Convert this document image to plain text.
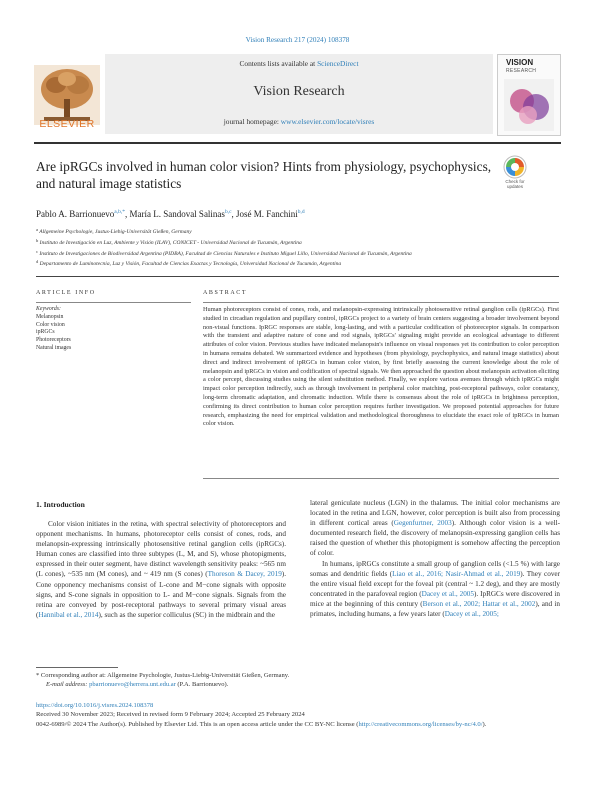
Vision Research 217 (2024) 108378
ELSEVIER
Contents lists available at ScienceDirect
Vision Research
journal homepage: www.elsevier.com/locate/visres
VISION
RESEARCH
Are ipRGCs involved in human color vision? Hints from physiology, psychophysics, and natural image statistics	Check for
updates
Pablo A. Barrionuevo$^{a,b,*}$, María L. Sandoval Salinas$^{b,c}$, José M. Fanchini$^{b,d}$
$^a$ Allgemeine Psychologie, Justus-Liebig-Universität Gießen, Germany
$^b$ Instituto de Investigación en Luz, Ambiente y Visión (ILAV), CONICET - Universidad Nacional de Tucumán, Argentina
$^c$ Instituto de Investigaciones de Biodiversidad Argentina (PIDBA), Facultad de Ciencias Naturales e Instituto Miguel Lillo, Universidad Nacional de Tucumán, Argentina
$^d$ Departamento de Luminotecnia, Luz y Visión, Facultad de Ciencias Exactas y Tecnología, Universidad Nacional de Tucumán, Argentina
ARTICLE INFO	ABSTRACT
Keywords:
Melanopsin
Color vision
ipRGCs
Photoreceptors
Natural images

Human photoreceptors consist of cones, rods, and melanopsin-expressing intrinsically photosensitive retinal ganglion cells (ipRGCs). First studied in circadian regulation and pupillary control, ipRGCs project to a variety of brain centers suggesting a broader involvement beyond non-visual functions. IpRGC responses are stable, long-lasting, and with a particular codification of photoreceptor signals. In comparison with the transient and adaptive nature of cone and rod signals, ipRGCs' signaling might provide an ecological advantage to different attributes of color vision. Previous studies have indicated melanopsin's influence on visual responses yet its contribution to color perception in humans remains debated. We summarized evidence and hypotheses (from physiology, psychophysics, and natural image statistics) about direct and indirect involvement of ipRGCs in human color vision, by first briefly assessing the current knowledge about the role of melanopsin and ipRGCs in vision and codification of spectral signals. We then approached the question about melanopsin activation eliciting a color percept, discussing studies using the silent substitution method. Finally, we explore various avenues through which ipRGCs might impact color perception indirectly, such as through involvement in peripheral color matching, post-receptoral pathways, color constancy, long-term chromatic adaptation, and chromatic induction. While there is consensus about the role of ipRGCs in brightness perception, confirming its direct contribution to human color perception requires further investigation. We proposed potential approaches for future research, emphasizing the need for empirical validation and methodological thoroughness to elucidate the exact role of ipRGCs in human color vision.

1. Introduction

Color vision initiates in the retina, with spectral selectivity of photoreceptors and opponent mechanisms. In humans, photoreceptor cells consist of cones, rods, and melanopsin-expressing intrinsically photosensitive retinal ganglion cells (ipRGCs). Human cones are classified into three subtypes (L, M, and S), whose photopigments, expressed in their outer segment, have distinct wavelength sensitivity peaks: ~565 nm (L cones), ~535 nm (M cones), and ~ 419 nm (S cones) (Thoreson & Dacey, 2019). Cone opponency mechanisms consist of L-cone and M−cone signals with opposite signs, and S-cone signals in opposition to L- and M−cone signals. Signals from the retina are conveyed by post-receptoral pathways to several primary visual areas (Hannibal et al., 2014), such as the superior colliculus (SC) in the midbrain and the

lateral geniculate nucleus (LGN) in the thalamus. The initial color mechanisms are located in the retina and LGN, however, color perception is built also from processing in different cortical areas (Gegenfurtner, 2003). Although color vision is a well-documented research field, the discovery of melanopsin-expressing ganglion cells has raised the question of whether this photopigment is somehow affecting the perception of color.

In humans, ipRGCs constitute a small group of ganglion cells (<1.5 %) with large somas and dendritic fields (Liao et al., 2016; Nasir-Ahmad et al., 2019). They cover the entire visual field except for the foveal pit (central ~ 1.2 deg), and they are mostly concentrated in the parafoveal region (Dacey et al., 2005). IpRGCs were discovered in mice at the beginning of this century (Berson et al., 2002; Hattar et al., 2002), and in primates, including humans, a few years later (Dacey et al., 2005;

* Corresponding author at: Allgemeine Psychologie, Justus-Liebig-Universität Gießen, Germany.
E-mail address: pbarrionuevo@herrera.unt.edu.ar (P.A. Barrionuevo).
https://doi.org/10.1016/j.visres.2024.108378
Received 30 November 2023; Received in revised form 9 February 2024; Accepted 25 February 2024
0042-6989/© 2024 The Author(s). Published by Elsevier Ltd. This is an open access article under the CC BY-NC license (http://creativecommons.org/licenses/by-nc/4.0/).
